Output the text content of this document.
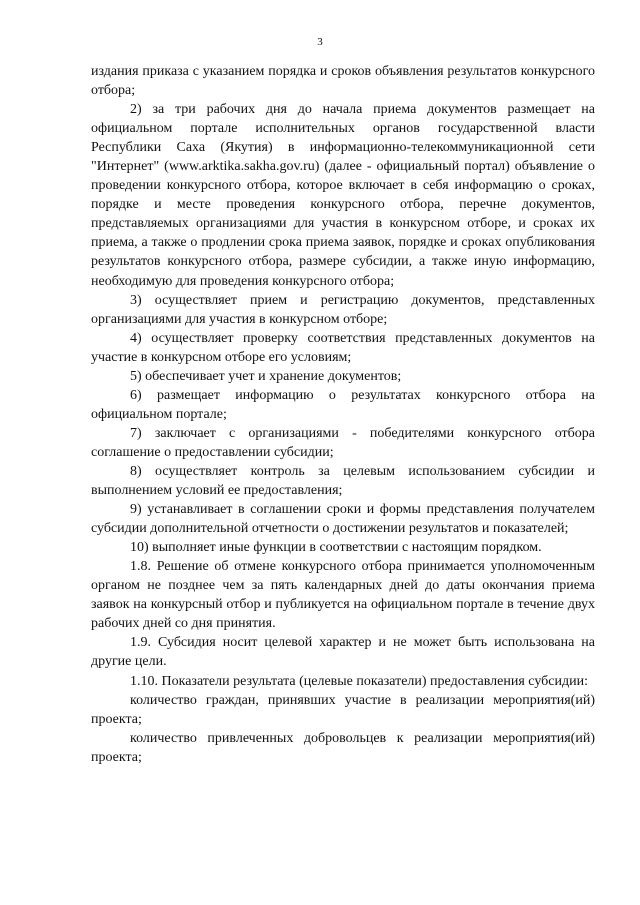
3

издания приказа с указанием порядка и сроков объявления результатов конкурсного отбора;

2) за три рабочих дня до начала приема документов размещает на официальном портале исполнительных органов государственной власти Республики Саха (Якутия) в информационно-телекоммуникационной сети "Интернет" (www.arktika.sakha.gov.ru) (далее - официальный портал) объявление о проведении конкурсного отбора, которое включает в себя информацию о сроках, порядке и месте проведения конкурсного отбора, перечне документов, представляемых организациями для участия в конкурсном отборе, и сроках их приема, а также о продлении срока приема заявок, порядке и сроках опубликования результатов конкурсного отбора, размере субсидии, а также иную информацию, необходимую для проведения конкурсного отбора;

3) осуществляет прием и регистрацию документов, представленных организациями для участия в конкурсном отборе;

4) осуществляет проверку соответствия представленных документов на участие в конкурсном отборе его условиям;

5) обеспечивает учет и хранение документов;

6) размещает информацию о результатах конкурсного отбора на официальном портале;

7) заключает с организациями - победителями конкурсного отбора соглашение о предоставлении субсидии;

8) осуществляет контроль за целевым использованием субсидии и выполнением условий ее предоставления;

9) устанавливает в соглашении сроки и формы представления получателем субсидии дополнительной отчетности о достижении результатов и показателей;

10) выполняет иные функции в соответствии с настоящим порядком.

1.8. Решение об отмене конкурсного отбора принимается уполномоченным органом не позднее чем за пять календарных дней до даты окончания приема заявок на конкурсный отбор и публикуется на официальном портале в течение двух рабочих дней со дня принятия.

1.9. Субсидия носит целевой характер и не может быть использована на другие цели.

1.10. Показатели результата (целевые показатели) предоставления субсидии:

количество граждан, принявших участие в реализации мероприятия(ий) проекта;

количество привлеченных добровольцев к реализации мероприятия(ий) проекта;
